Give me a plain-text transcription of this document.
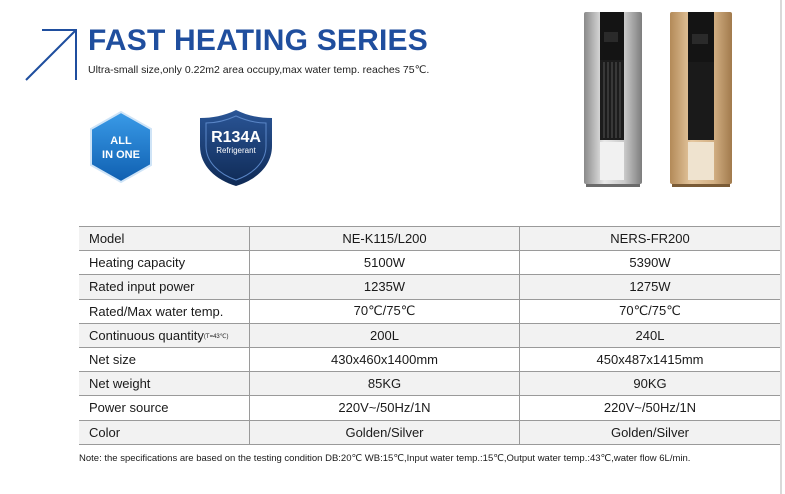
FAST HEATING SERIES
Ultra-small size,only 0.22m2 area occupy,max water temp. reaches 75℃.
ALL
IN ONE
R134A
Refrigerant
Model	NE-K115/L200	NERS-FR200
Heating capacity	5100W	5390W
Rated input power	1235W	1275W
Rated/Max water temp.	70℃/75℃	70℃/75℃
Continuous quantity(T=43℃)	200L	240L
Net size	430x460x1400mm	450x487x1415mm
Net weight	85KG	90KG
Power source	220V~/50Hz/1N	220V~/50Hz/1N
Color	Golden/Silver	Golden/Silver
Note: the specifications are based on the testing condition DB:20℃ WB:15℃,Input water temp.:15℃,Output water temp.:43℃,water flow 6L/min.
